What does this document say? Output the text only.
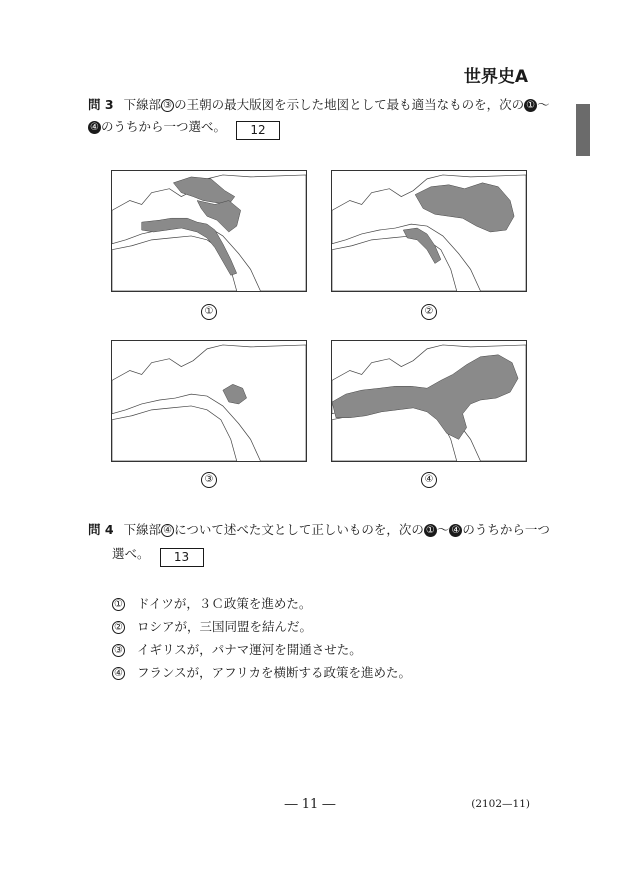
世界史A
問 3 下線部 ③ の王朝の最大版図を示した地図として最も適当なものを，次の ① 〜
④ のうちから一つ選べ。 12
①	②
③	④
問 4 下線部 ④ について述べた文として正しいものを，次の ① 〜 ④ のうちから一つ
選べ。 13
① ドイツが，３Ｃ政策を進めた。
② ロシアが，三国同盟を結んだ。
③ イギリスが，パナマ運河を開通させた。
④ フランスが，アフリカを横断する政策を進めた。
― 11 ―	(2102—11)
